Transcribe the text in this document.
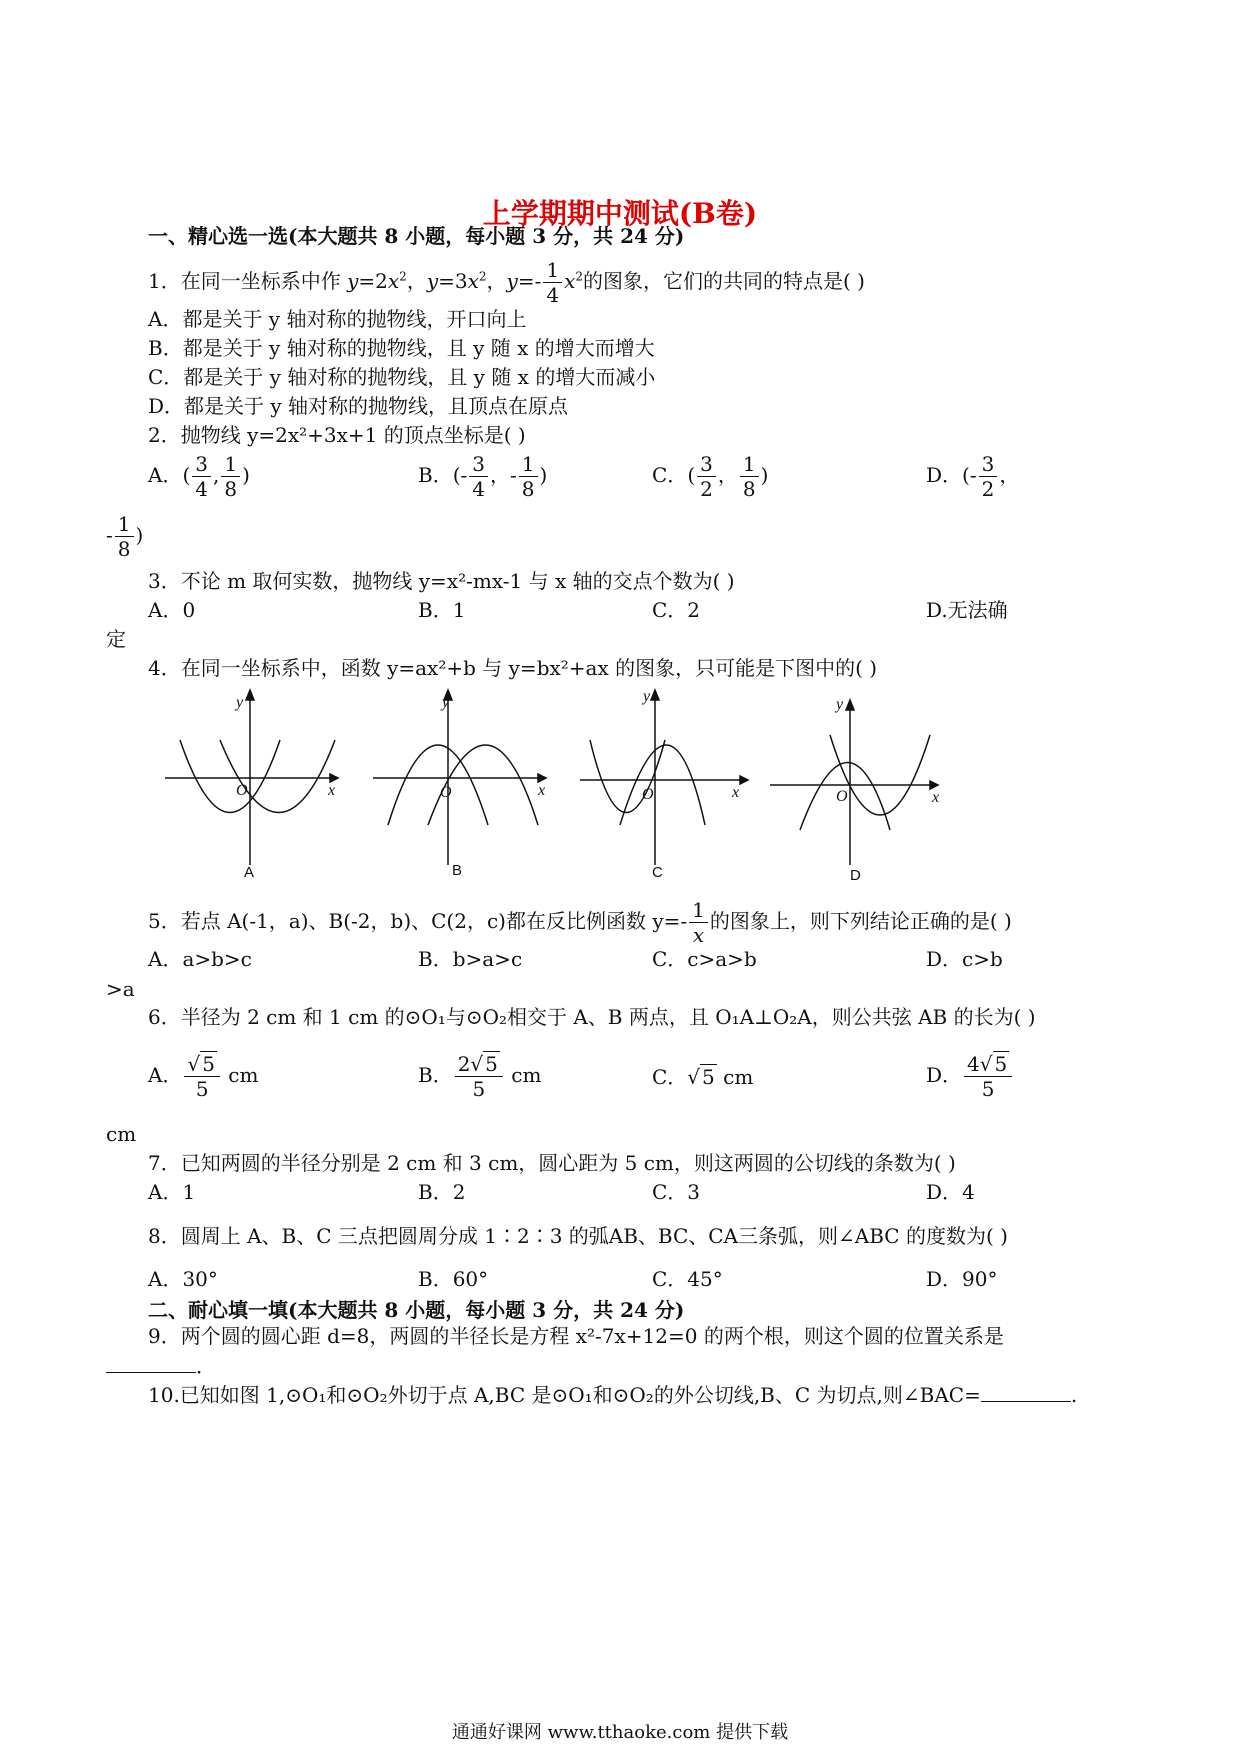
上学期期中测试(B卷)
一、精心选一选(本大题共 8 小题，每小题 3 分，共 24 分)
1．在同一坐标系中作 $y=2x^2$，$y=3x^2$，$y=- \frac{1}{4} x^2$的图象，它们的共同的特点是( )
A．都是关于 y 轴对称的抛物线，开口向上
B．都是关于 y 轴对称的抛物线，且 y 随 x 的增大而增大
C．都是关于 y 轴对称的抛物线，且 y 随 x 的增大而减小
D．都是关于 y 轴对称的抛物线，且顶点在原点
2．抛物线 y=2x²+3x+1 的顶点坐标是( )
A．( $\frac{3}{4}$ , $\frac{1}{8}$ )	B．(- $\frac{3}{4}$ ，- $\frac{1}{8}$ )	C．( $\frac{3}{2}$ ， $\frac{1}{8}$ )	D．(- $\frac{3}{2}$ ，
- $\frac{1}{8}$ )
3．不论 m 取何实数，抛物线 y=x²-mx-1 与 x 轴的交点个数为( )
A．0	B．1	C．2	D.无法确
定
4．在同一坐标系中，函数 y=ax²+b 与 y=bx²+ax 的图象，只可能是下图中的( )
y
x
O
y
x
O
y
x
O
y
x
O
A	B	C	D
5．若点 A(-1，a)、B(-2，b)、C(2，c)都在反比例函数 $y=- \frac{1}{x}$ 的图象上，则下列结论正确的是( )
A．a>b>c	B．b>a>c	C．c>a>b	D．c>b
>a
6．半径为 2 cm 和 1 cm 的⊙O₁与⊙O₂相交于 A、B 两点，且 O₁A⊥O₂A，则公共弦 AB 的长为( )
A． $\frac{√ 5}{5}$ cm	B． $\frac{2√ 5}{5}$ cm	C．√ 5 cm	D． $\frac{4√ 5}{5}$
cm
7．已知两圆的半径分别是 2 cm 和 3 cm，圆心距为 5 cm，则这两圆的公切线的条数为( )
A．1	B．2	C．3	D．4
8．圆周上 A、B、C 三点把圆周分成 1∶2∶3 的弧AB、BC、CA三条弧，则∠ABC 的度数为( )
A．30°	B．60°	C．45°	D．90°
二、耐心填一填(本大题共 8 小题，每小题 3 分，共 24 分)
9．两个圆的圆心距 d=8，两圆的半径长是方程 x²-7x+12=0 的两个根，则这个圆的位置关系是
．
10.已知如图 1,⊙O₁和⊙O₂外切于点 A,BC 是⊙O₁和⊙O₂的外公切线,B、C 为切点,则∠BAC=	.
通通好课网 www.tthaoke.com 提供下载
